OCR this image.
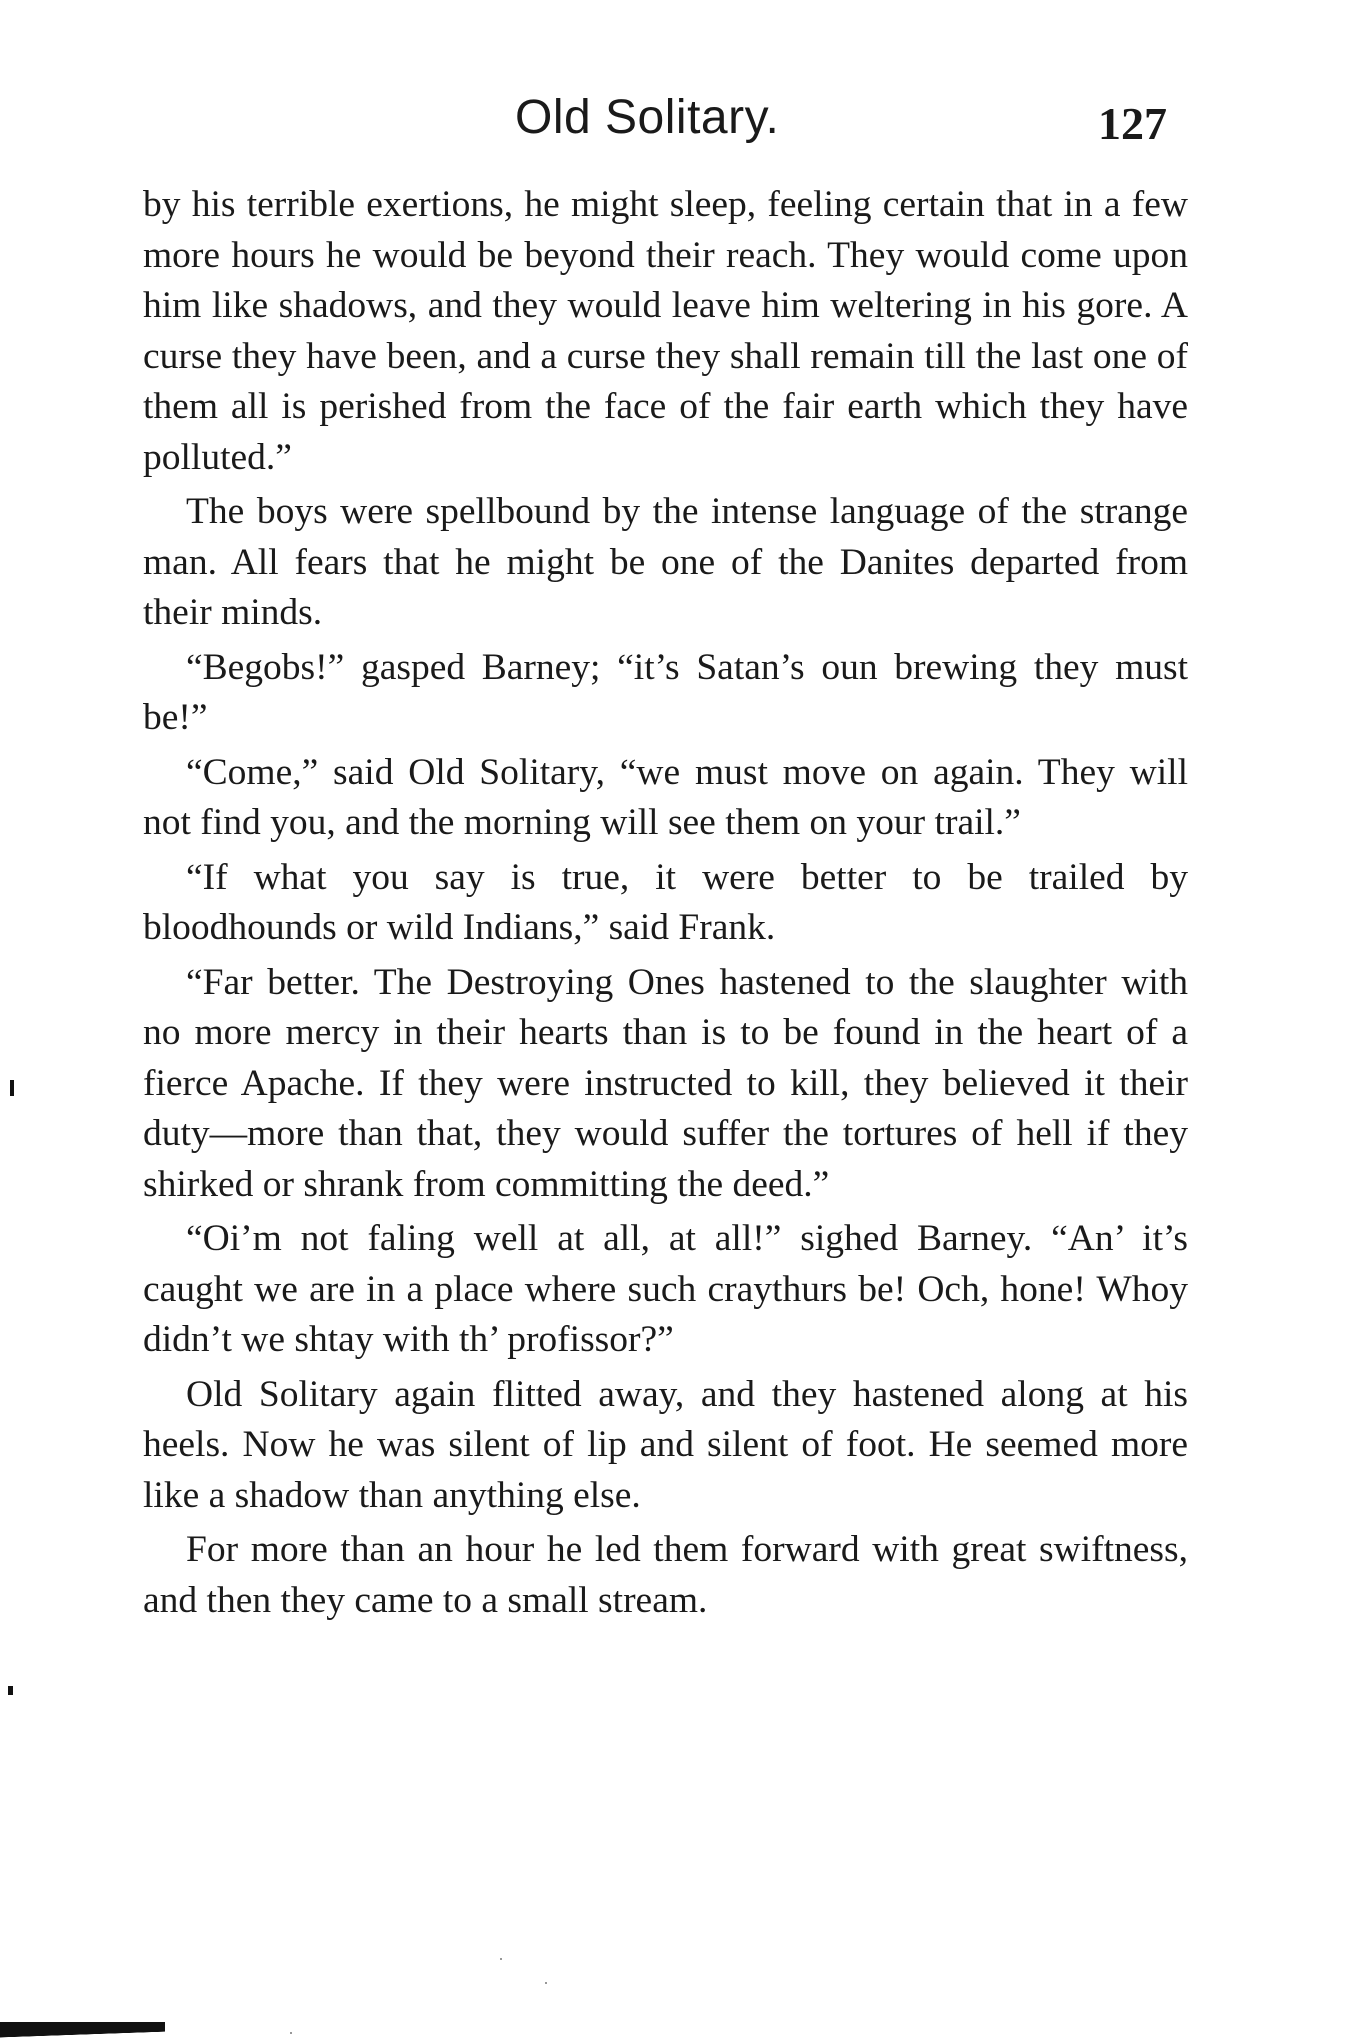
Old Solitary.	127

by his terrible exertions, he might sleep, feeling certain that in a few more hours he would be beyond their reach. They would come upon him like shadows, and they would leave him weltering in his gore. A curse they have been, and a curse they shall remain till the last one of them all is perished from the face of the fair earth which they have polluted.”

The boys were spellbound by the intense language of the strange man. All fears that he might be one of the Danites departed from their minds.

“Begobs!” gasped Barney; “it’s Satan’s oun brewing they must be!”

“Come,” said Old Solitary, “we must move on again. They will not find you, and the morning will see them on your trail.”

“If what you say is true, it were better to be trailed by bloodhounds or wild Indians,” said Frank.

“Far better. The Destroying Ones hastened to the slaughter with no more mercy in their hearts than is to be found in the heart of a fierce Apache. If they were instructed to kill, they believed it their duty—more than that, they would suffer the tortures of hell if they shirked or shrank from committing the deed.”

“Oi’m not faling well at all, at all!” sighed Barney. “An’ it’s caught we are in a place where such craythurs be! Och, hone! Whoy didn’t we shtay with th’ profissor?”

Old Solitary again flitted away, and they hastened along at his heels. Now he was silent of lip and silent of foot. He seemed more like a shadow than anything else.

For more than an hour he led them forward with great swiftness, and then they came to a small stream.
